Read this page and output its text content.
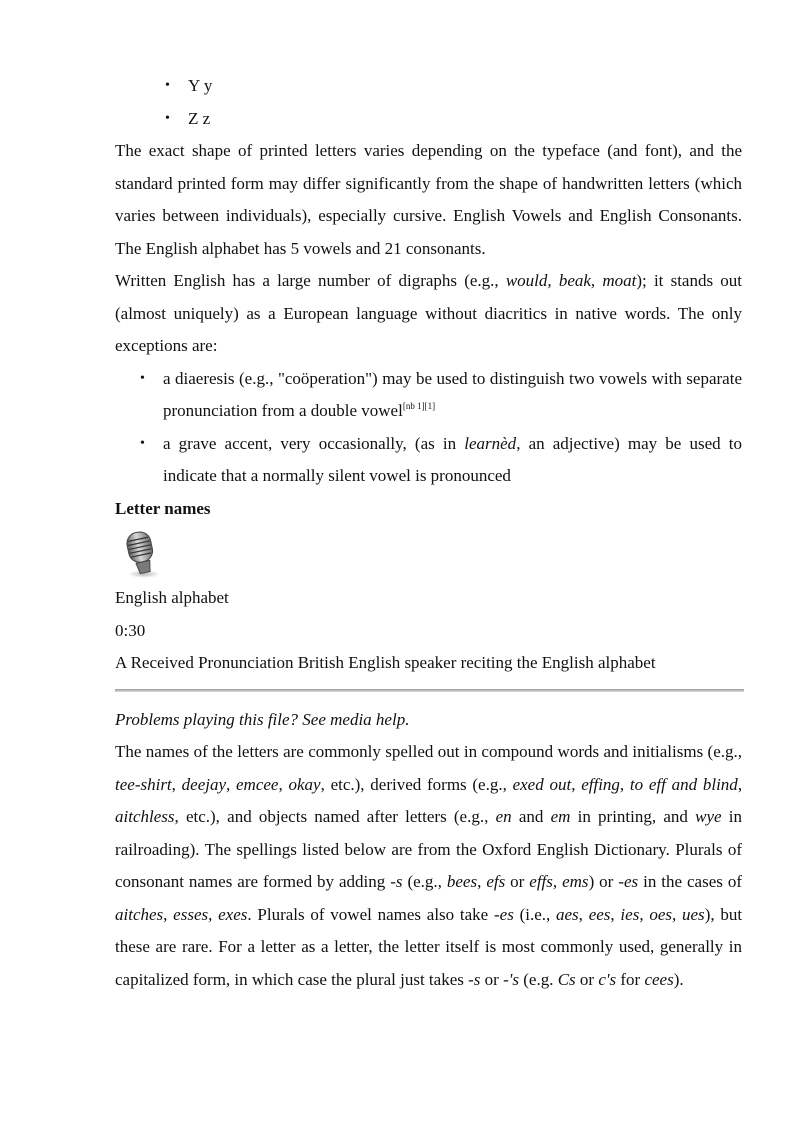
• Y y
• Z z

The exact shape of printed letters varies depending on the typeface (and font), and the standard printed form may differ significantly from the shape of handwritten letters (which varies between individuals), especially cursive. English Vowels and English Consonants. The English alphabet has 5 vowels and 21 consonants.

Written English has a large number of digraphs (e.g., would, beak, moat); it stands out (almost uniquely) as a European language without diacritics in native words. The only exceptions are:

• a diaeresis (e.g., "coöperation") may be used to distinguish two vowels with separate pronunciation from a double vowel[nb 1][1]
• a grave accent, very occasionally, (as in learnèd, an adjective) may be used to indicate that a normally silent vowel is pronounced
Letter names

English alphabet

0:30

A Received Pronunciation British English speaker reciting the English alphabet

Problems playing this file? See media help.

The names of the letters are commonly spelled out in compound words and initialisms (e.g., tee-shirt, deejay, emcee, okay, etc.), derived forms (e.g., exed out, effing, to eff and blind, aitchless, etc.), and objects named after letters (e.g., en and em in printing, and wye in railroading). The spellings listed below are from the Oxford English Dictionary. Plurals of consonant names are formed by adding -s (e.g., bees, efs or effs, ems) or -es in the cases of aitches, esses, exes. Plurals of vowel names also take -es (i.e., aes, ees, ies, oes, ues), but these are rare. For a letter as a letter, the letter itself is most commonly used, generally in capitalized form, in which case the plural just takes -s or -'s (e.g. Cs or c's for cees).
